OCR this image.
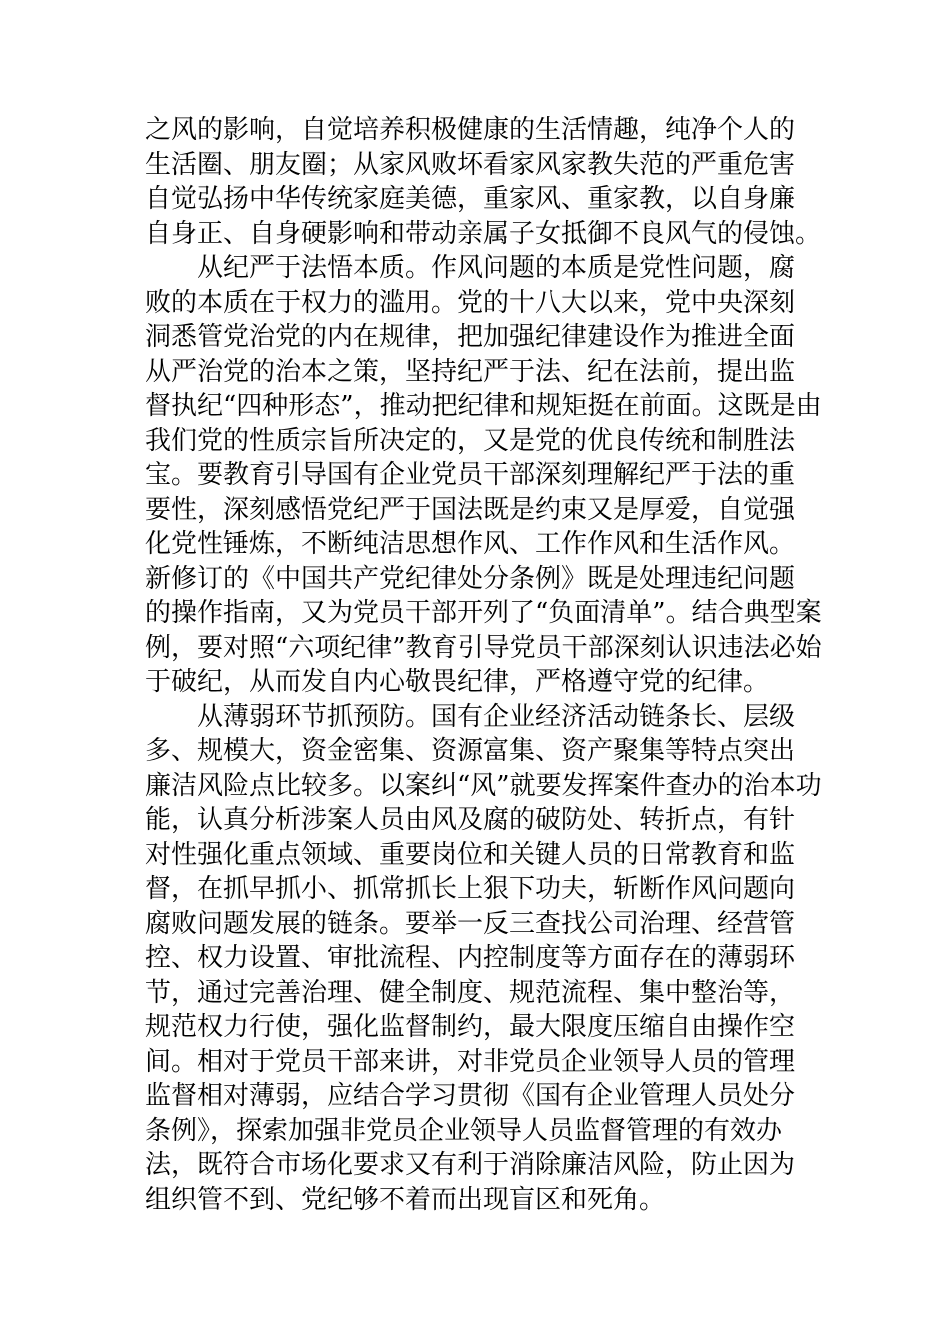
之风的影响，自觉培养积极健康的生活情趣，纯净个人的
生活圈、朋友圈；从家风败坏看家风家教失范的严重危害
自觉弘扬中华传统家庭美德，重家风、重家教，以自身廉
自身正、自身硬影响和带动亲属子女抵御不良风气的侵蚀。
　　从纪严于法悟本质。作风问题的本质是党性问题，腐
败的本质在于权力的滥用。党的十八大以来，党中央深刻
洞悉管党治党的内在规律，把加强纪律建设作为推进全面
从严治党的治本之策，坚持纪严于法、纪在法前，提出监
督执纪“四种形态”，推动把纪律和规矩挺在前面。这既是由
我们党的性质宗旨所决定的，又是党的优良传统和制胜法
宝。要教育引导国有企业党员干部深刻理解纪严于法的重
要性，深刻感悟党纪严于国法既是约束又是厚爱，自觉强
化党性锤炼，不断纯洁思想作风、工作作风和生活作风。
新修订的《中国共产党纪律处分条例》既是处理违纪问题
的操作指南，又为党员干部开列了“负面清单”。结合典型案
例，要对照“六项纪律”教育引导党员干部深刻认识违法必始
于破纪，从而发自内心敬畏纪律，严格遵守党的纪律。
　　从薄弱环节抓预防。国有企业经济活动链条长、层级
多、规模大，资金密集、资源富集、资产聚集等特点突出
廉洁风险点比较多。以案纠“风”就要发挥案件查办的治本功
能，认真分析涉案人员由风及腐的破防处、转折点，有针
对性强化重点领域、重要岗位和关键人员的日常教育和监
督，在抓早抓小、抓常抓长上狠下功夫，斩断作风问题向
腐败问题发展的链条。要举一反三查找公司治理、经营管
控、权力设置、审批流程、内控制度等方面存在的薄弱环
节，通过完善治理、健全制度、规范流程、集中整治等，
规范权力行使，强化监督制约，最大限度压缩自由操作空
间。相对于党员干部来讲，对非党员企业领导人员的管理
监督相对薄弱，应结合学习贯彻《国有企业管理人员处分
条例》，探索加强非党员企业领导人员监督管理的有效办
法，既符合市场化要求又有利于消除廉洁风险，防止因为
组织管不到、党纪够不着而出现盲区和死角。
